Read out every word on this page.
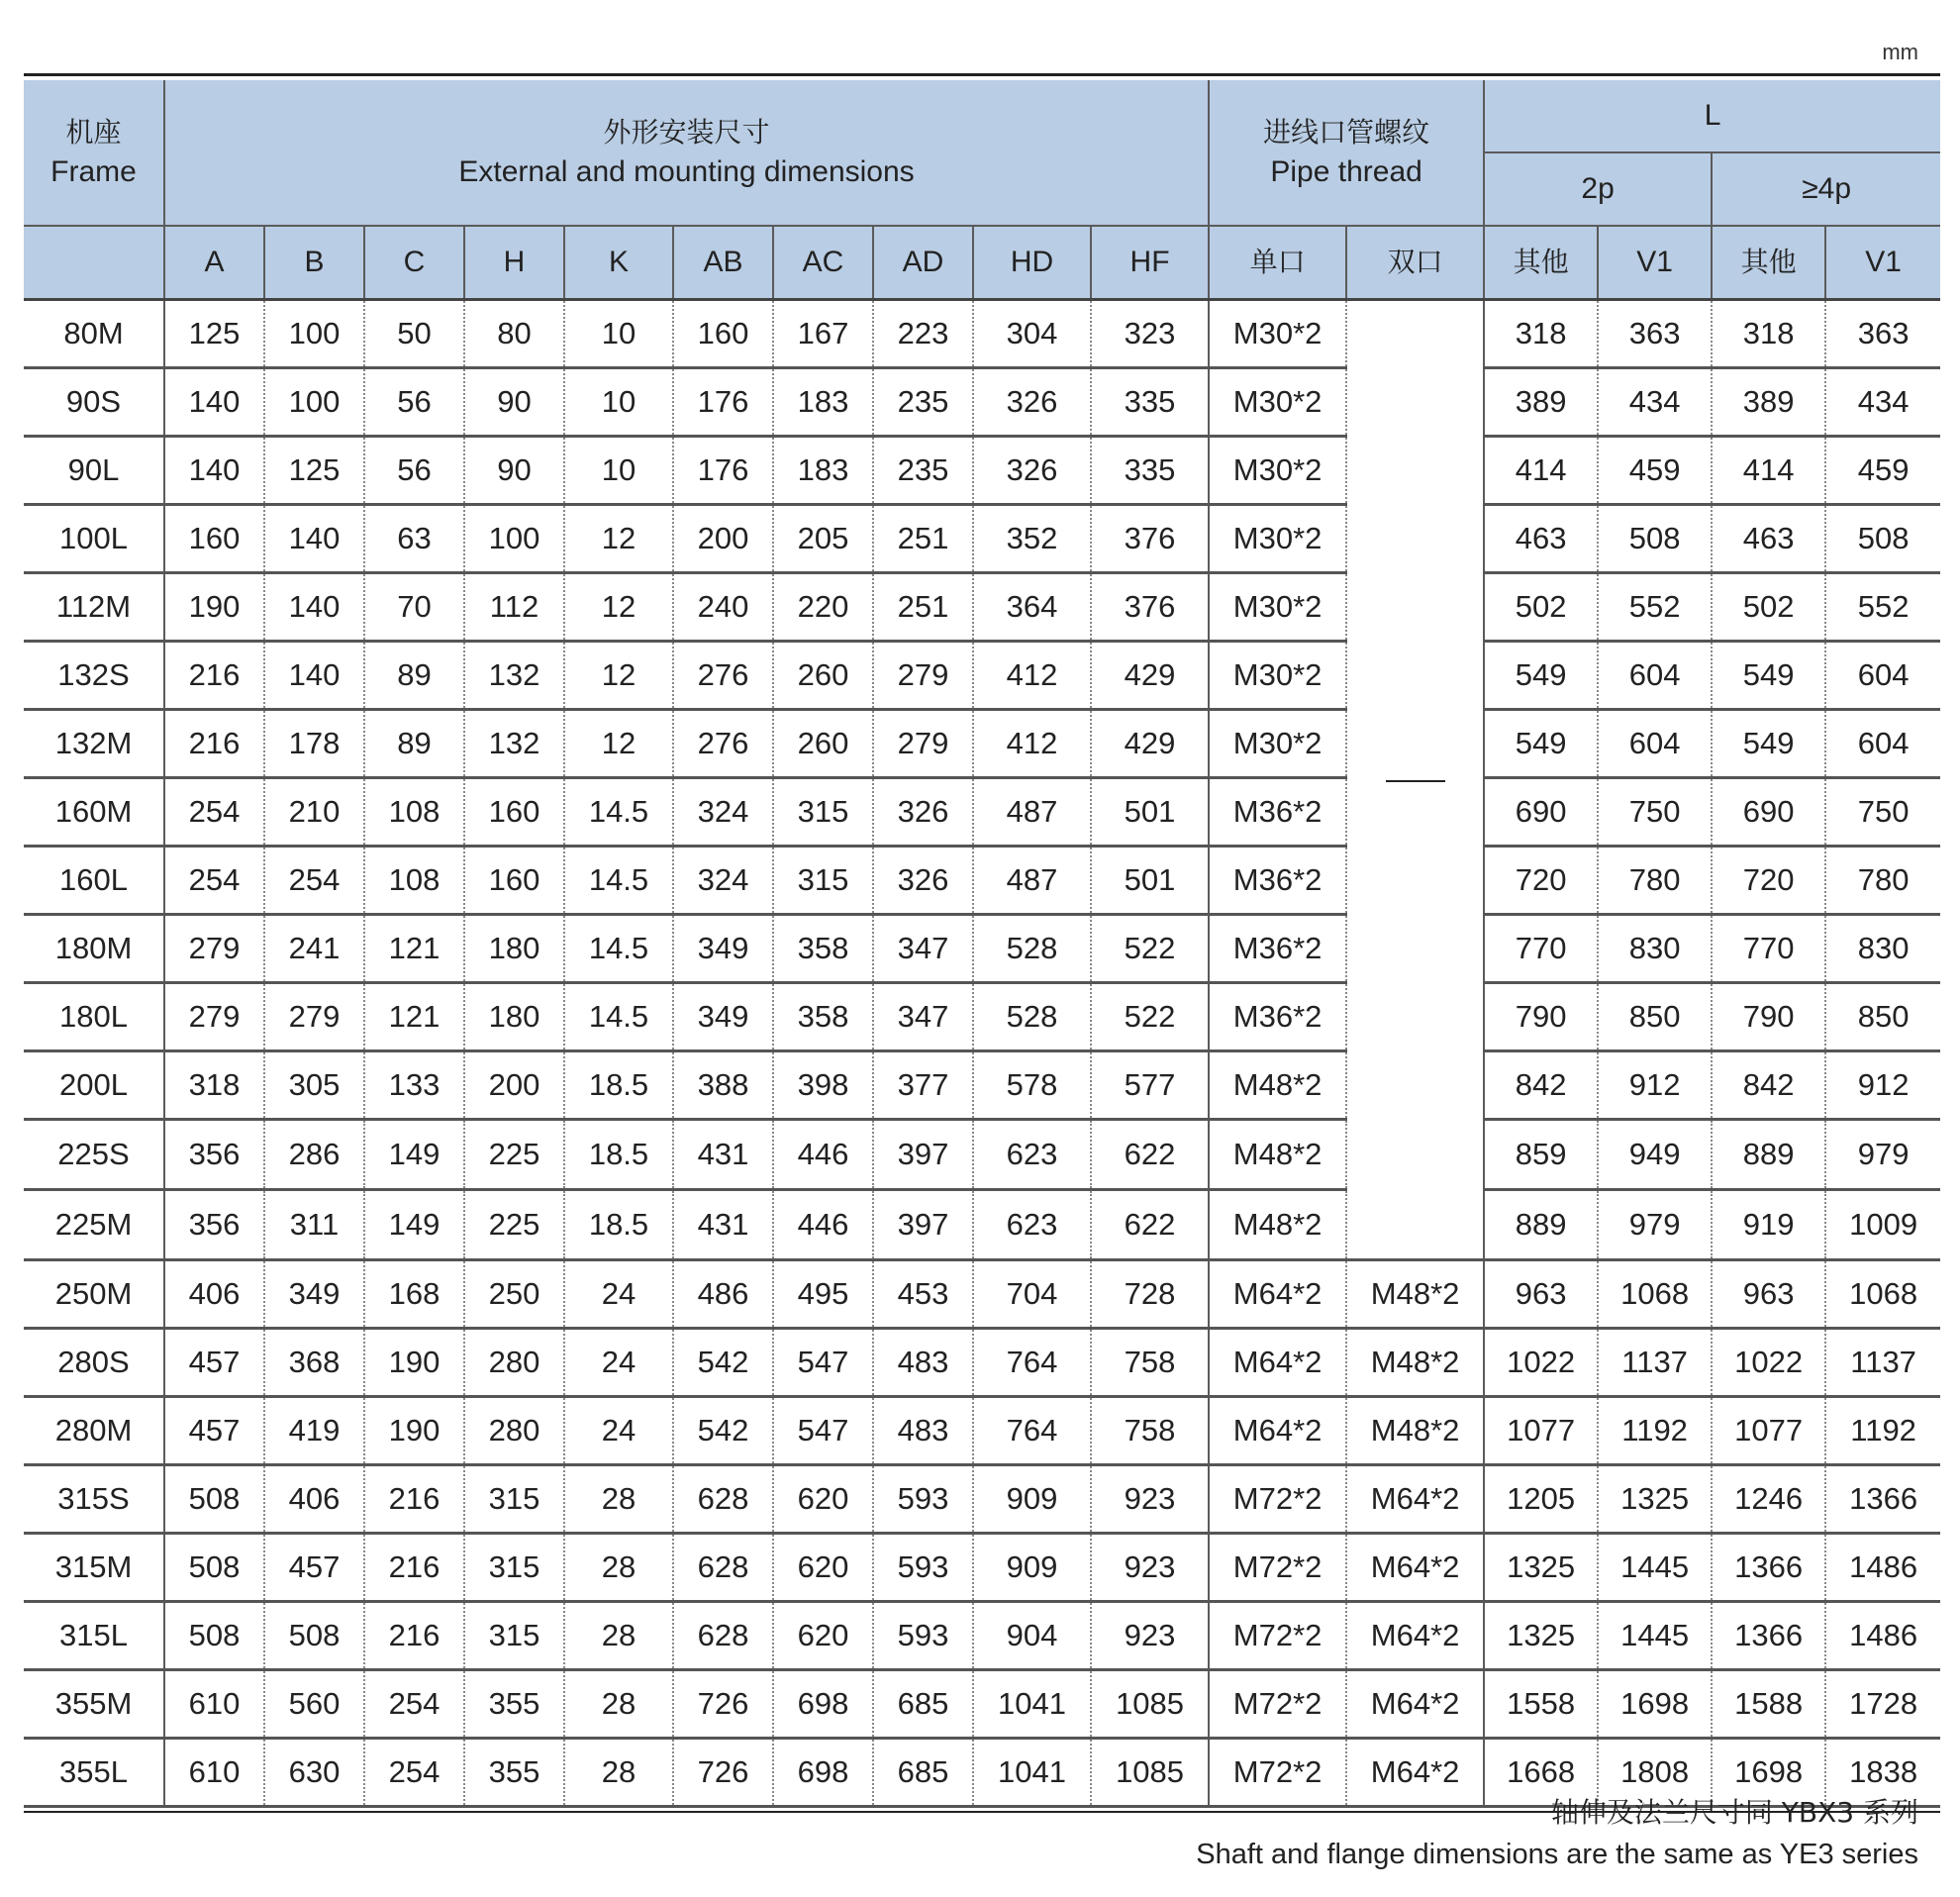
mm
机座
Frame	外形安装尺寸
External and mounting dimensions										进线口管螺纹
Pipe thread		L			
													2p		≥4p	
	A	B	C	H	K	AB	AC	AD	HD	HF	单口	双口	其他	V1	其他	V1
80M	125	100	50	80	10	160	167	223	304	323	M30*2		318	363	318	363
90S	140	100	56	90	10	176	183	235	326	335	M30*2		389	434	389	434
90L	140	125	56	90	10	176	183	235	326	335	M30*2		414	459	414	459
100L	160	140	63	100	12	200	205	251	352	376	M30*2		463	508	463	508
112M	190	140	70	112	12	240	220	251	364	376	M30*2		502	552	502	552
132S	216	140	89	132	12	276	260	279	412	429	M30*2		549	604	549	604
132M	216	178	89	132	12	276	260	279	412	429	M30*2		549	604	549	604
160M	254	210	108	160	14.5	324	315	326	487	501	M36*2		690	750	690	750
160L	254	254	108	160	14.5	324	315	326	487	501	M36*2		720	780	720	780
180M	279	241	121	180	14.5	349	358	347	528	522	M36*2		770	830	770	830
180L	279	279	121	180	14.5	349	358	347	528	522	M36*2		790	850	790	850
200L	318	305	133	200	18.5	388	398	377	578	577	M48*2		842	912	842	912
225S	356	286	149	225	18.5	431	446	397	623	622	M48*2		859	949	889	979
225M	356	311	149	225	18.5	431	446	397	623	622	M48*2		889	979	919	1009
250M	406	349	168	250	24	486	495	453	704	728	M64*2	M48*2	963	1068	963	1068
280S	457	368	190	280	24	542	547	483	764	758	M64*2	M48*2	1022	1137	1022	1137
280M	457	419	190	280	24	542	547	483	764	758	M64*2	M48*2	1077	1192	1077	1192
315S	508	406	216	315	28	628	620	593	909	923	M72*2	M64*2	1205	1325	1246	1366
315M	508	457	216	315	28	628	620	593	909	923	M72*2	M64*2	1325	1445	1366	1486
315L	508	508	216	315	28	628	620	593	904	923	M72*2	M64*2	1325	1445	1366	1486
355M	610	560	254	355	28	726	698	685	1041	1085	M72*2	M64*2	1558	1698	1588	1728
355L	610	630	254	355	28	726	698	685	1041	1085	M72*2	M64*2	1668	1808	1698	1838
轴伸及法兰尺寸同 YBX3 系列
Shaft and flange dimensions are the same as YE3 series
